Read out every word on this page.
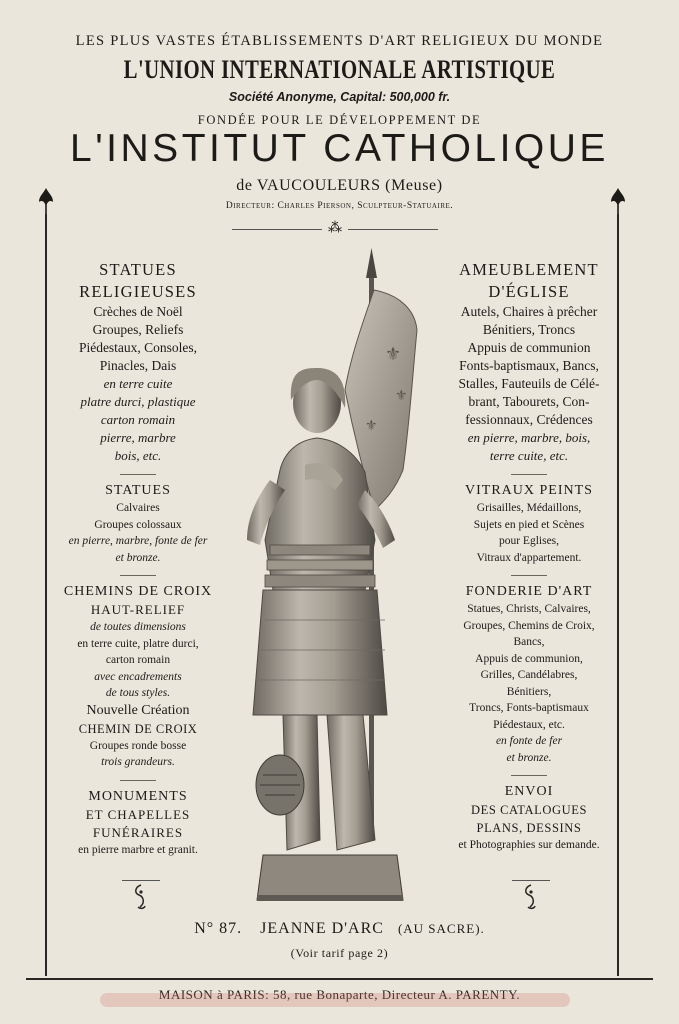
LES PLUS VASTES ÉTABLISSEMENTS D'ART RELIGIEUX DU MONDE
L'UNION INTERNATIONALE ARTISTIQUE
Société Anonyme, Capital: 500,000 fr.
FONDÉE POUR LE DÉVELOPPEMENT DE
L'INSTITUT CATHOLIQUE
de VAUCOULEURS (Meuse)
Directeur: Charles Pierson, Sculpteur-Statuaire.
⁂
STATUES
RELIGIEUSES
Crèches de Noël
Groupes, Reliefs
Piédestaux, Consoles,
Pinacles, Dais
en terre cuite
platre durci, plastique
carton romain
pierre, marbre
bois, etc.
STATUES
Calvaires
Groupes colossaux
en pierre, marbre, fonte de fer
et bronze.
CHEMINS DE CROIX
HAUT-RELIEF
de toutes dimensions
en terre cuite, platre durci,
carton romain
avec encadrements
de tous styles.
Nouvelle Création
CHEMIN DE CROIX
Groupes ronde bosse
trois grandeurs.
MONUMENTS
ET CHAPELLES
FUNÉRAIRES
en pierre marbre et granit.
AMEUBLEMENT
D'ÉGLISE
Autels, Chaires à prêcher
Bénitiers, Troncs
Appuis de communion
Fonts-baptismaux, Bancs,
Stalles, Fauteuils de Célé-
brant, Tabourets, Con-
fessionnaux, Crédences
en pierre, marbre, bois,
terre cuite, etc.
VITRAUX PEINTS
Grisailles, Médaillons,
Sujets en pied et Scènes
pour Eglises,
Vitraux d'appartement.
FONDERIE D'ART
Statues, Christs, Calvaires,
Groupes, Chemins de Croix,
Bancs,
Appuis de communion,
Grilles, Candélabres,
Bénitiers,
Troncs, Fonts-baptismaux
Piédestaux, etc.
en fonte de fer
et bronze.
ENVOI
DES CATALOGUES
PLANS, DESSINS
et Photographies sur demande.
⚜
⚜
⚜
N° 87. JEANNE D'ARC (AU SACRE).
(Voir tarif page 2)
MAISON à PARIS: 58, rue Bonaparte, Directeur A. PARENTY.
